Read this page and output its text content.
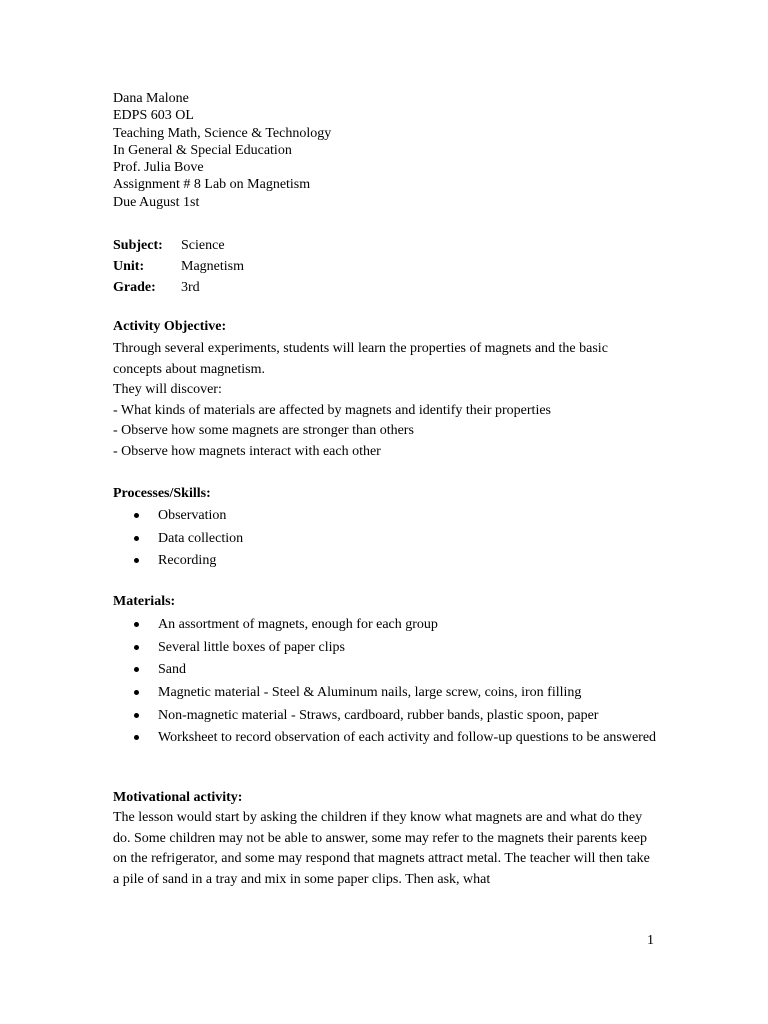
Dana Malone
EDPS 603 OL
Teaching Math, Science & Technology
In General & Special Education
Prof. Julia Bove
Assignment # 8 Lab on Magnetism
Due August 1st
Subject:	Science
Unit:	Magnetism
Grade:	3rd
Activity Objective:
Through several experiments, students will learn the properties of magnets and the basic concepts about magnetism.
They will discover:
- What kinds of materials are affected by magnets and identify their properties
- Observe how some magnets are stronger than others
- Observe how magnets interact with each other
Processes/Skills:
Observation
Data collection
Recording
Materials:
An assortment of magnets, enough for each group
Several little boxes of paper clips
Sand
Magnetic material - Steel & Aluminum nails, large screw, coins, iron filling
Non-magnetic material - Straws, cardboard, rubber bands, plastic spoon, paper
Worksheet to record observation of each activity and follow-up questions to be answered
Motivational activity:
The lesson would start by asking the children if they know what magnets are and what do they do. Some children may not be able to answer, some may refer to the magnets their parents keep on the refrigerator, and some may respond that magnets attract metal. The teacher will then take a pile of sand in a tray and mix in some paper clips. Then ask, what
1
